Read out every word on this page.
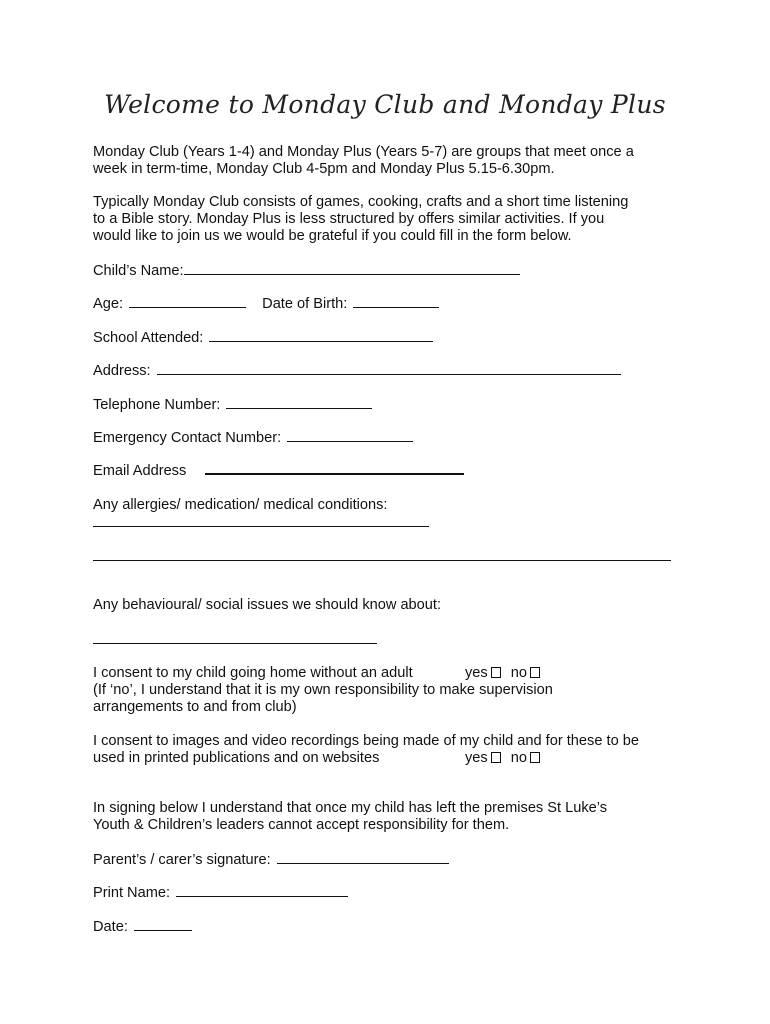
Welcome to Monday Club and Monday Plus
Monday Club (Years 1-4) and Monday Plus (Years 5-7) are groups that meet once a
week in term-time, Monday Club 4-5pm and Monday Plus 5.15-6.30pm.
Typically Monday Club consists of games, cooking, crafts and a short time listening
to a Bible story. Monday Plus is less structured by offers similar activities. If you
would like to join us we would be grateful if you could fill in the form below.
Child’s Name:
Age:	Date of Birth:
School Attended:
Address:
Telephone Number:
Emergency Contact Number:
Email Address
Any allergies/ medication/ medical conditions:
Any behavioural/ social issues we should know about:
I consent to my child going home without an adult	yes no
(If ‘no’, I understand that it is my own responsibility to make supervision
arrangements to and from club)
I consent to images and video recordings being made of my child and for these to be
used in printed publications and on websites	yes no
In signing below I understand that once my child has left the premises St Luke’s
Youth & Children’s leaders cannot accept responsibility for them.
Parent’s / carer’s signature:
Print Name:
Date:
